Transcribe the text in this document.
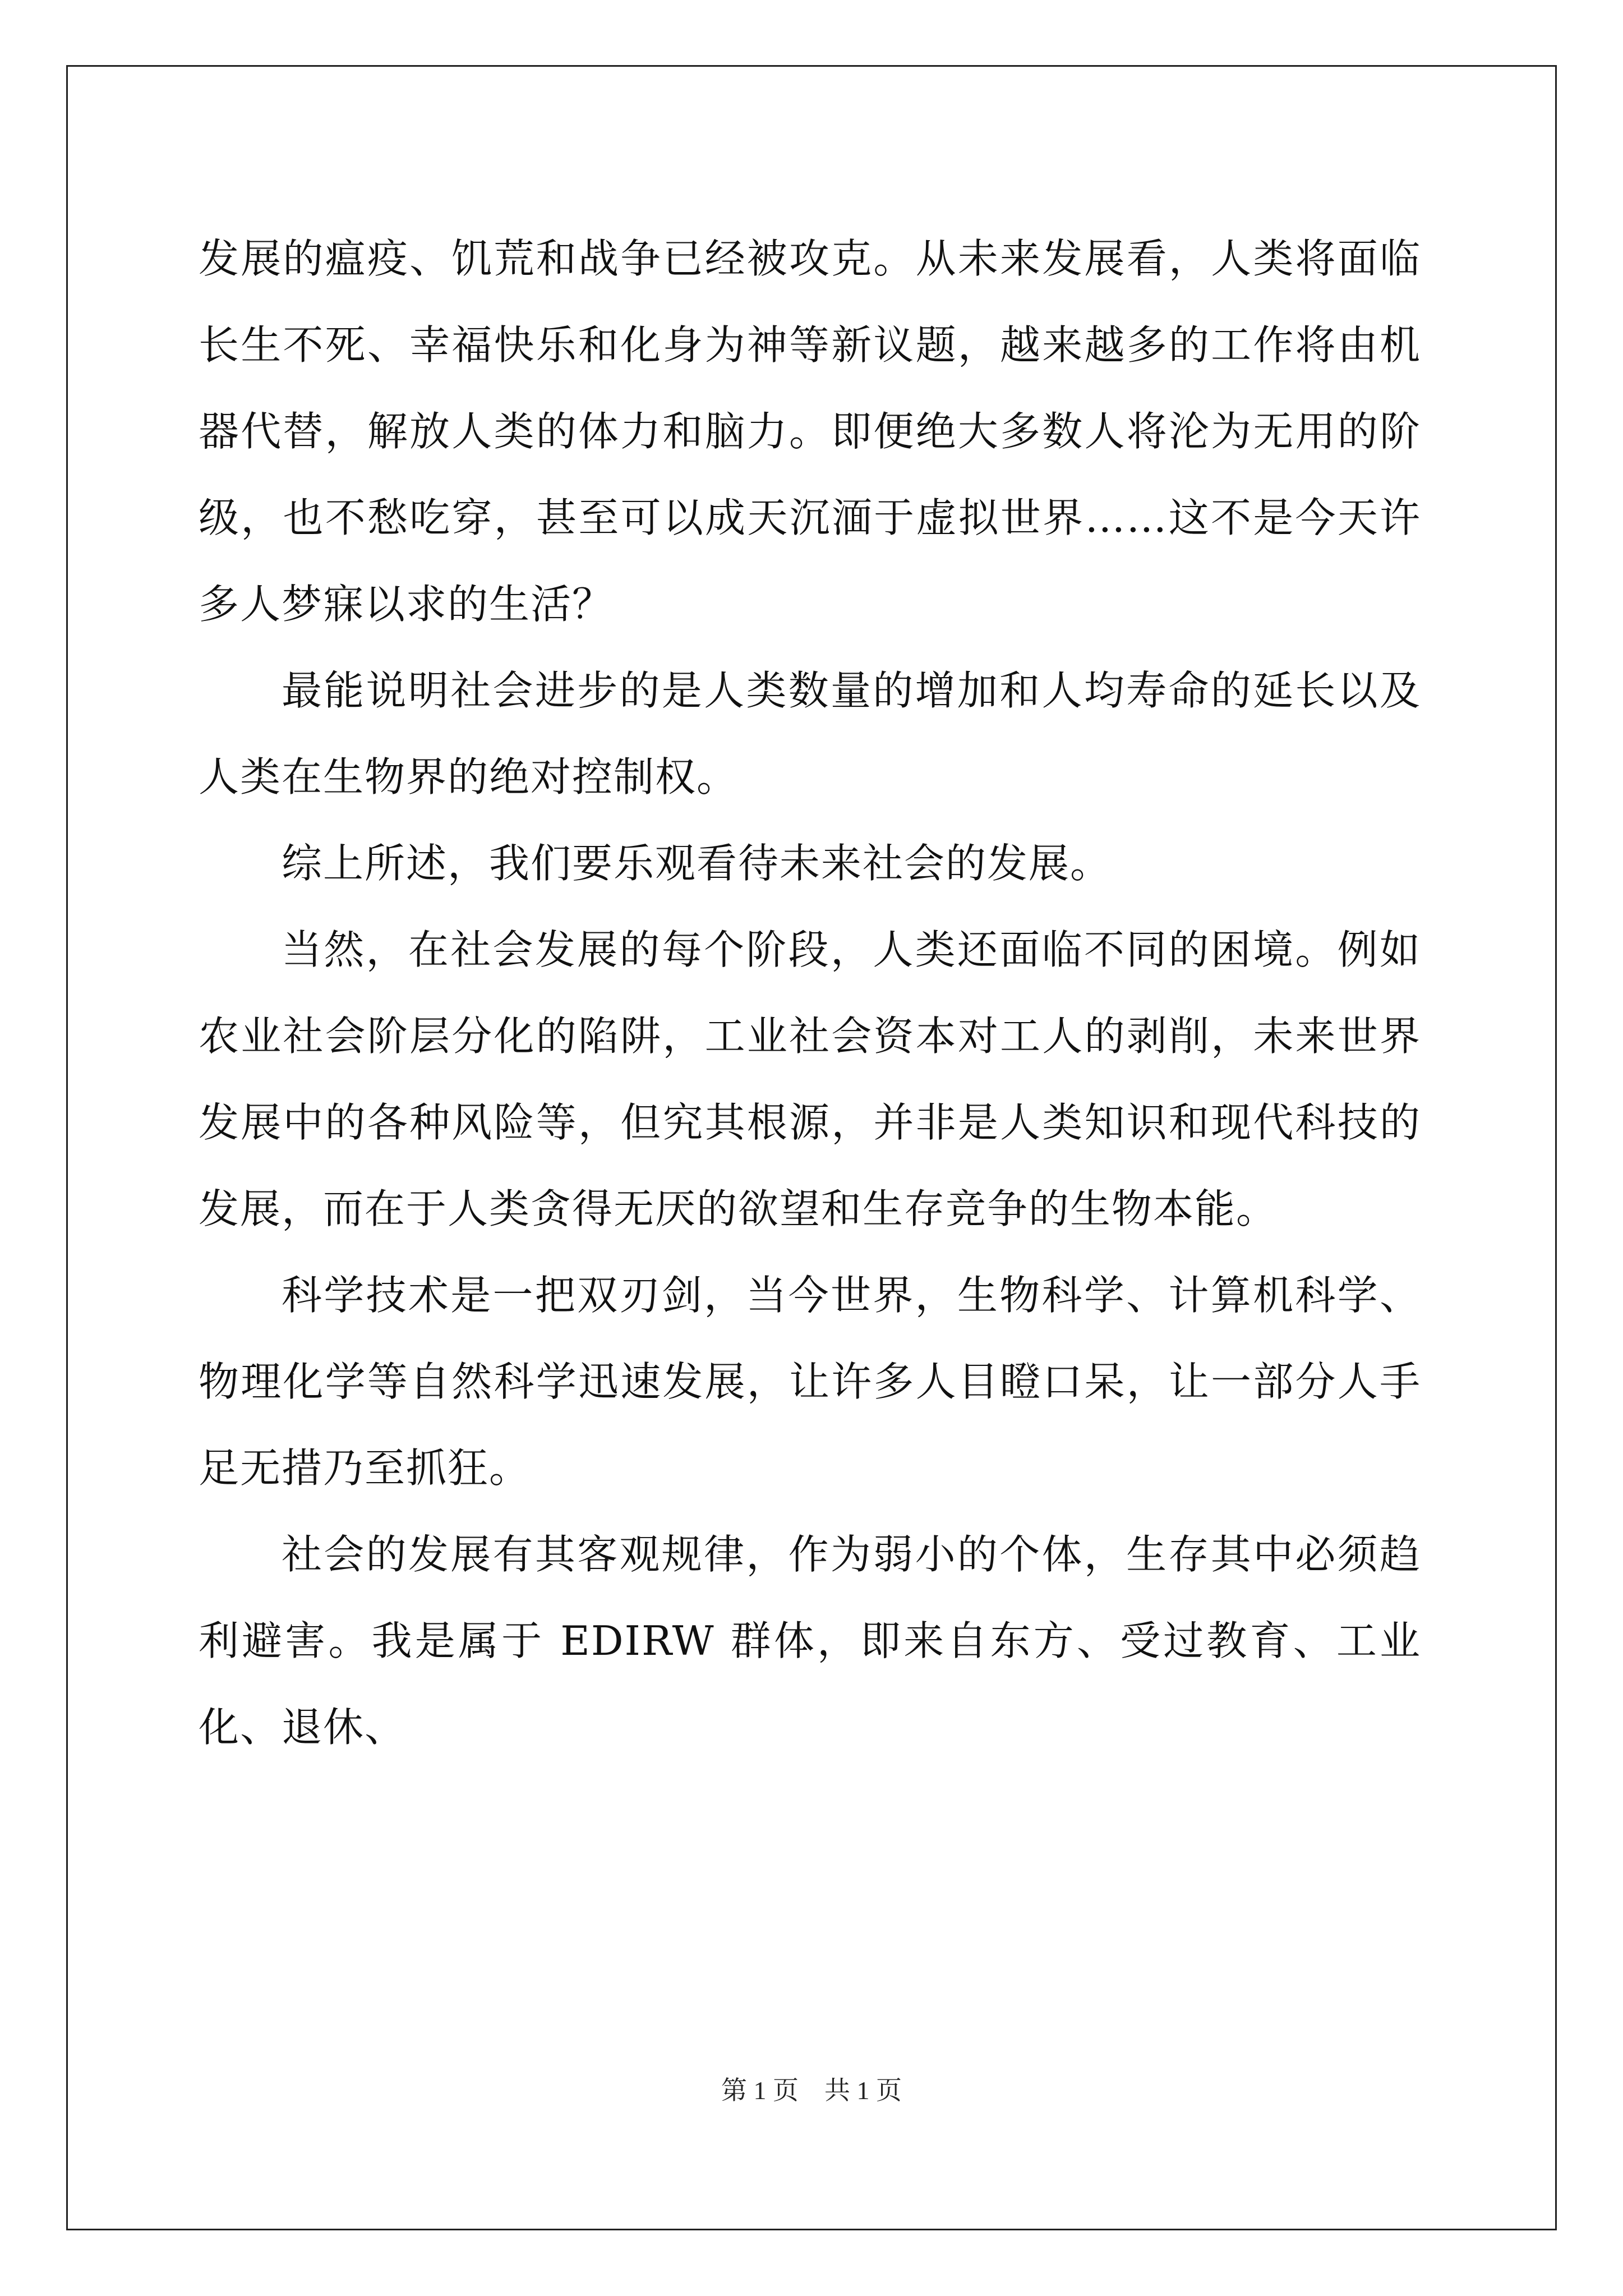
发展的瘟疫、饥荒和战争已经被攻克。从未来发展看，人类将面临长生不死、幸福快乐和化身为神等新议题，越来越多的工作将由机器代替，解放人类的体力和脑力。即便绝大多数人将沦为无用的阶级，也不愁吃穿，甚至可以成天沉湎于虚拟世界……这不是今天许多人梦寐以求的生活？

最能说明社会进步的是人类数量的增加和人均寿命的延长以及人类在生物界的绝对控制权。

综上所述，我们要乐观看待未来社会的发展。

当然，在社会发展的每个阶段，人类还面临不同的困境。例如农业社会阶层分化的陷阱，工业社会资本对工人的剥削，未来世界发展中的各种风险等，但究其根源，并非是人类知识和现代科技的发展，而在于人类贪得无厌的欲望和生存竞争的生物本能。

科学技术是一把双刃剑，当今世界，生物科学、计算机科学、物理化学等自然科学迅速发展，让许多人目瞪口呆，让一部分人手足无措乃至抓狂。

社会的发展有其客观规律，作为弱小的个体，生存其中必须趋利避害。我是属于 EDIRW 群体，即来自东方、受过教育、工业化、退休、

第 1 页 共 1 页
